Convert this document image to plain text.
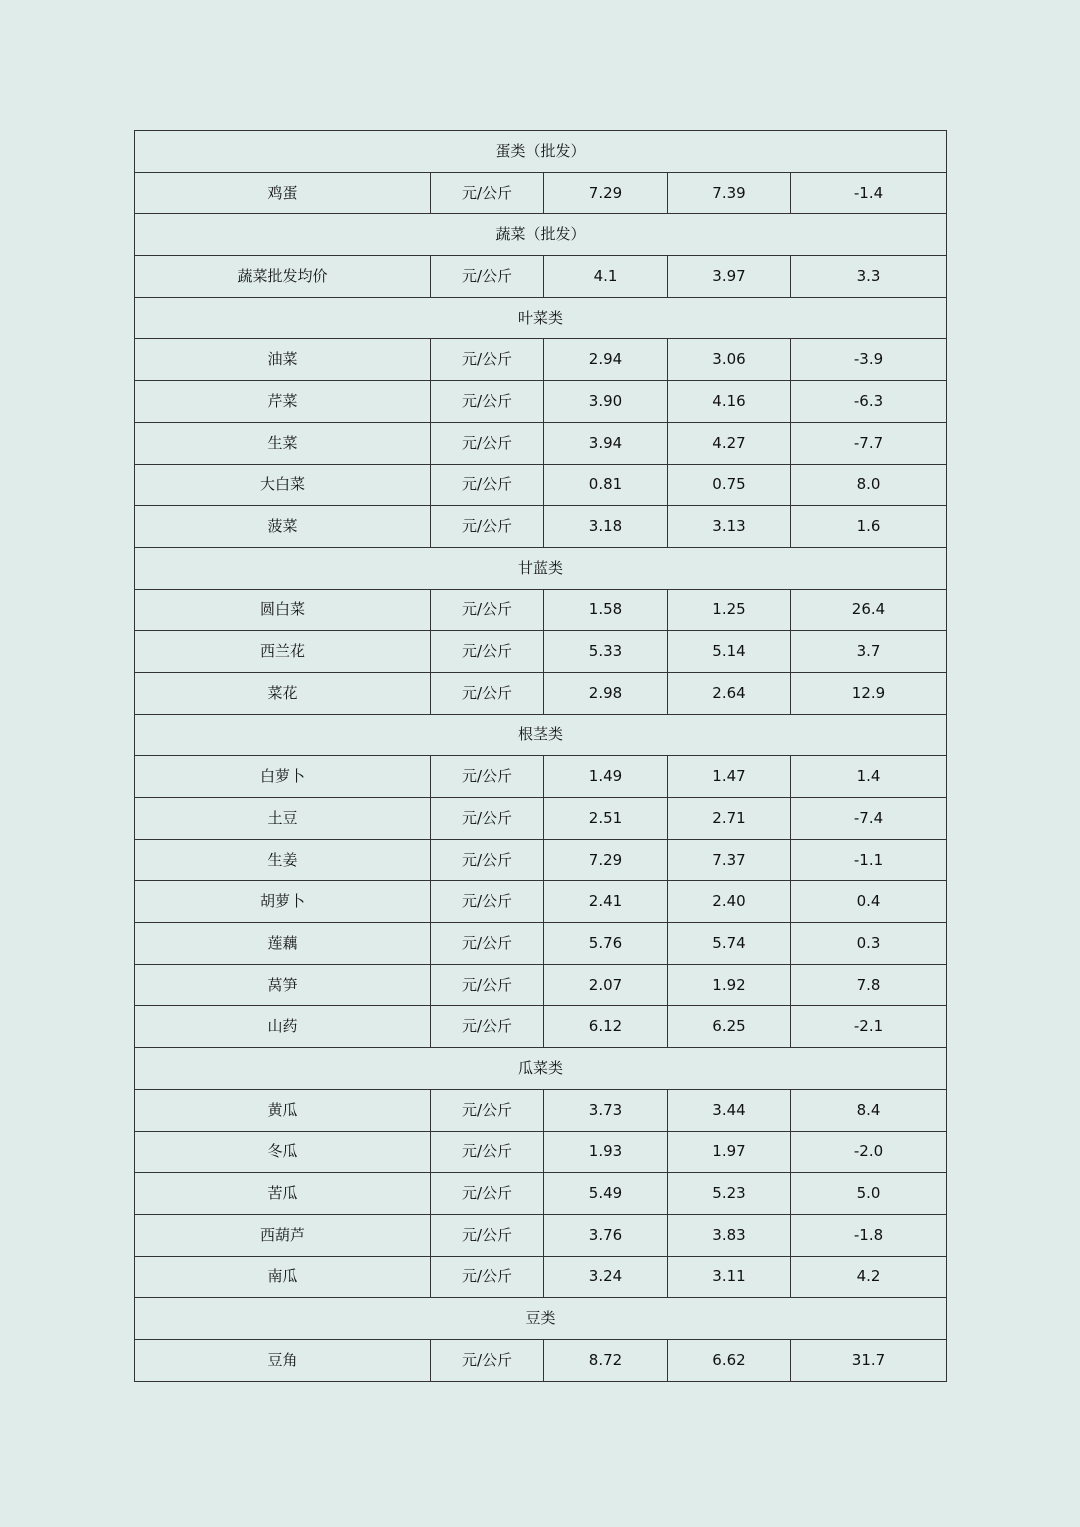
蛋类（批发）				
鸡蛋	元/公斤	7.29	7.39	-1.4
蔬菜（批发）				
蔬菜批发均价	元/公斤	4.1	3.97	3.3
叶菜类				
油菜	元/公斤	2.94	3.06	-3.9
芹菜	元/公斤	3.90	4.16	-6.3
生菜	元/公斤	3.94	4.27	-7.7
大白菜	元/公斤	0.81	0.75	8.0
菠菜	元/公斤	3.18	3.13	1.6
甘蓝类				
圆白菜	元/公斤	1.58	1.25	26.4
西兰花	元/公斤	5.33	5.14	3.7
菜花	元/公斤	2.98	2.64	12.9
根茎类				
白萝卜	元/公斤	1.49	1.47	1.4
土豆	元/公斤	2.51	2.71	-7.4
生姜	元/公斤	7.29	7.37	-1.1
胡萝卜	元/公斤	2.41	2.40	0.4
莲藕	元/公斤	5.76	5.74	0.3
莴笋	元/公斤	2.07	1.92	7.8
山药	元/公斤	6.12	6.25	-2.1
瓜菜类				
黄瓜	元/公斤	3.73	3.44	8.4
冬瓜	元/公斤	1.93	1.97	-2.0
苦瓜	元/公斤	5.49	5.23	5.0
西葫芦	元/公斤	3.76	3.83	-1.8
南瓜	元/公斤	3.24	3.11	4.2
豆类				
豆角	元/公斤	8.72	6.62	31.7
